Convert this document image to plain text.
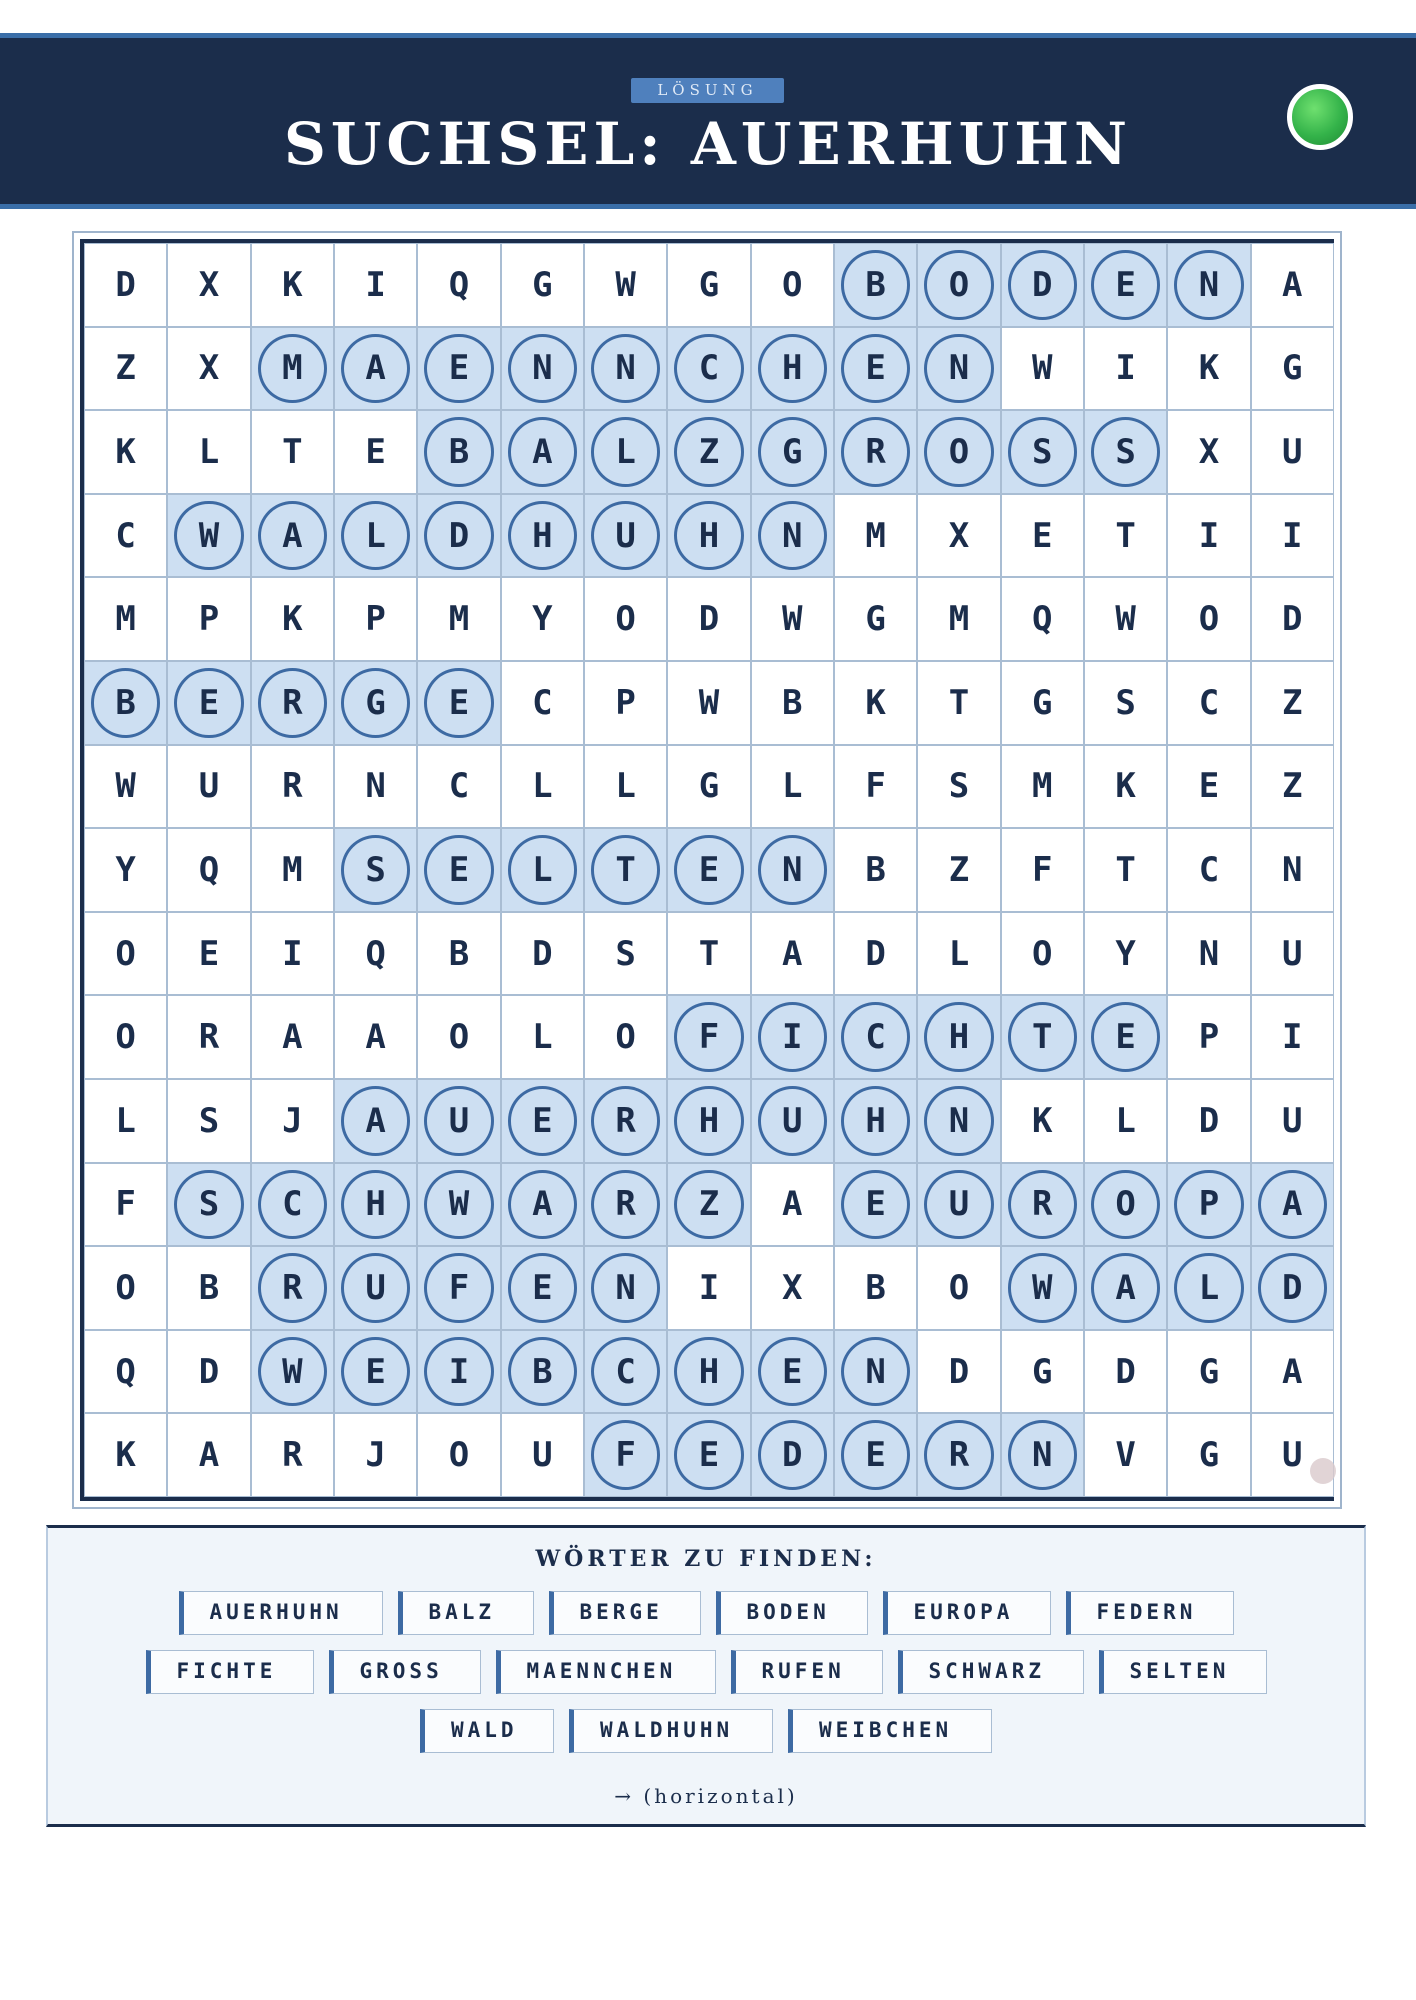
LÖSUNG
SUCHSEL: AUERHUHN
D X K I Q G W G O B O D E N A
Z X M A E N N C H E N W I K G
K L T E B A L Z G R O S S X U
C W A L D H U H N M X E T I I
M P K P M Y O D W G M Q W O D
B E R G E C P W B K T G S C Z
W U R N C L L G L F S M K E Z
Y Q M S E L T E N B Z F T C N
O E I Q B D S T A D L O Y N U
O R A A O L O F I C H T E P I
L S J A U E R H U H N K L D U
F S C H W A R Z A E U R O P A
O B R U F E N I X B O W A L D
Q D W E I B C H E N D G D G A
K A R J O U F E D E R N V G U
WÖRTER ZU FINDEN:
AUERHUHN	BALZ	BERGE	BODEN	EUROPA	FEDERN
FICHTE	GROSS	MAENNCHEN	RUFEN	SCHWARZ	SELTEN
WALD	WALDHUHN	WEIBCHEN
→ (horizontal)
